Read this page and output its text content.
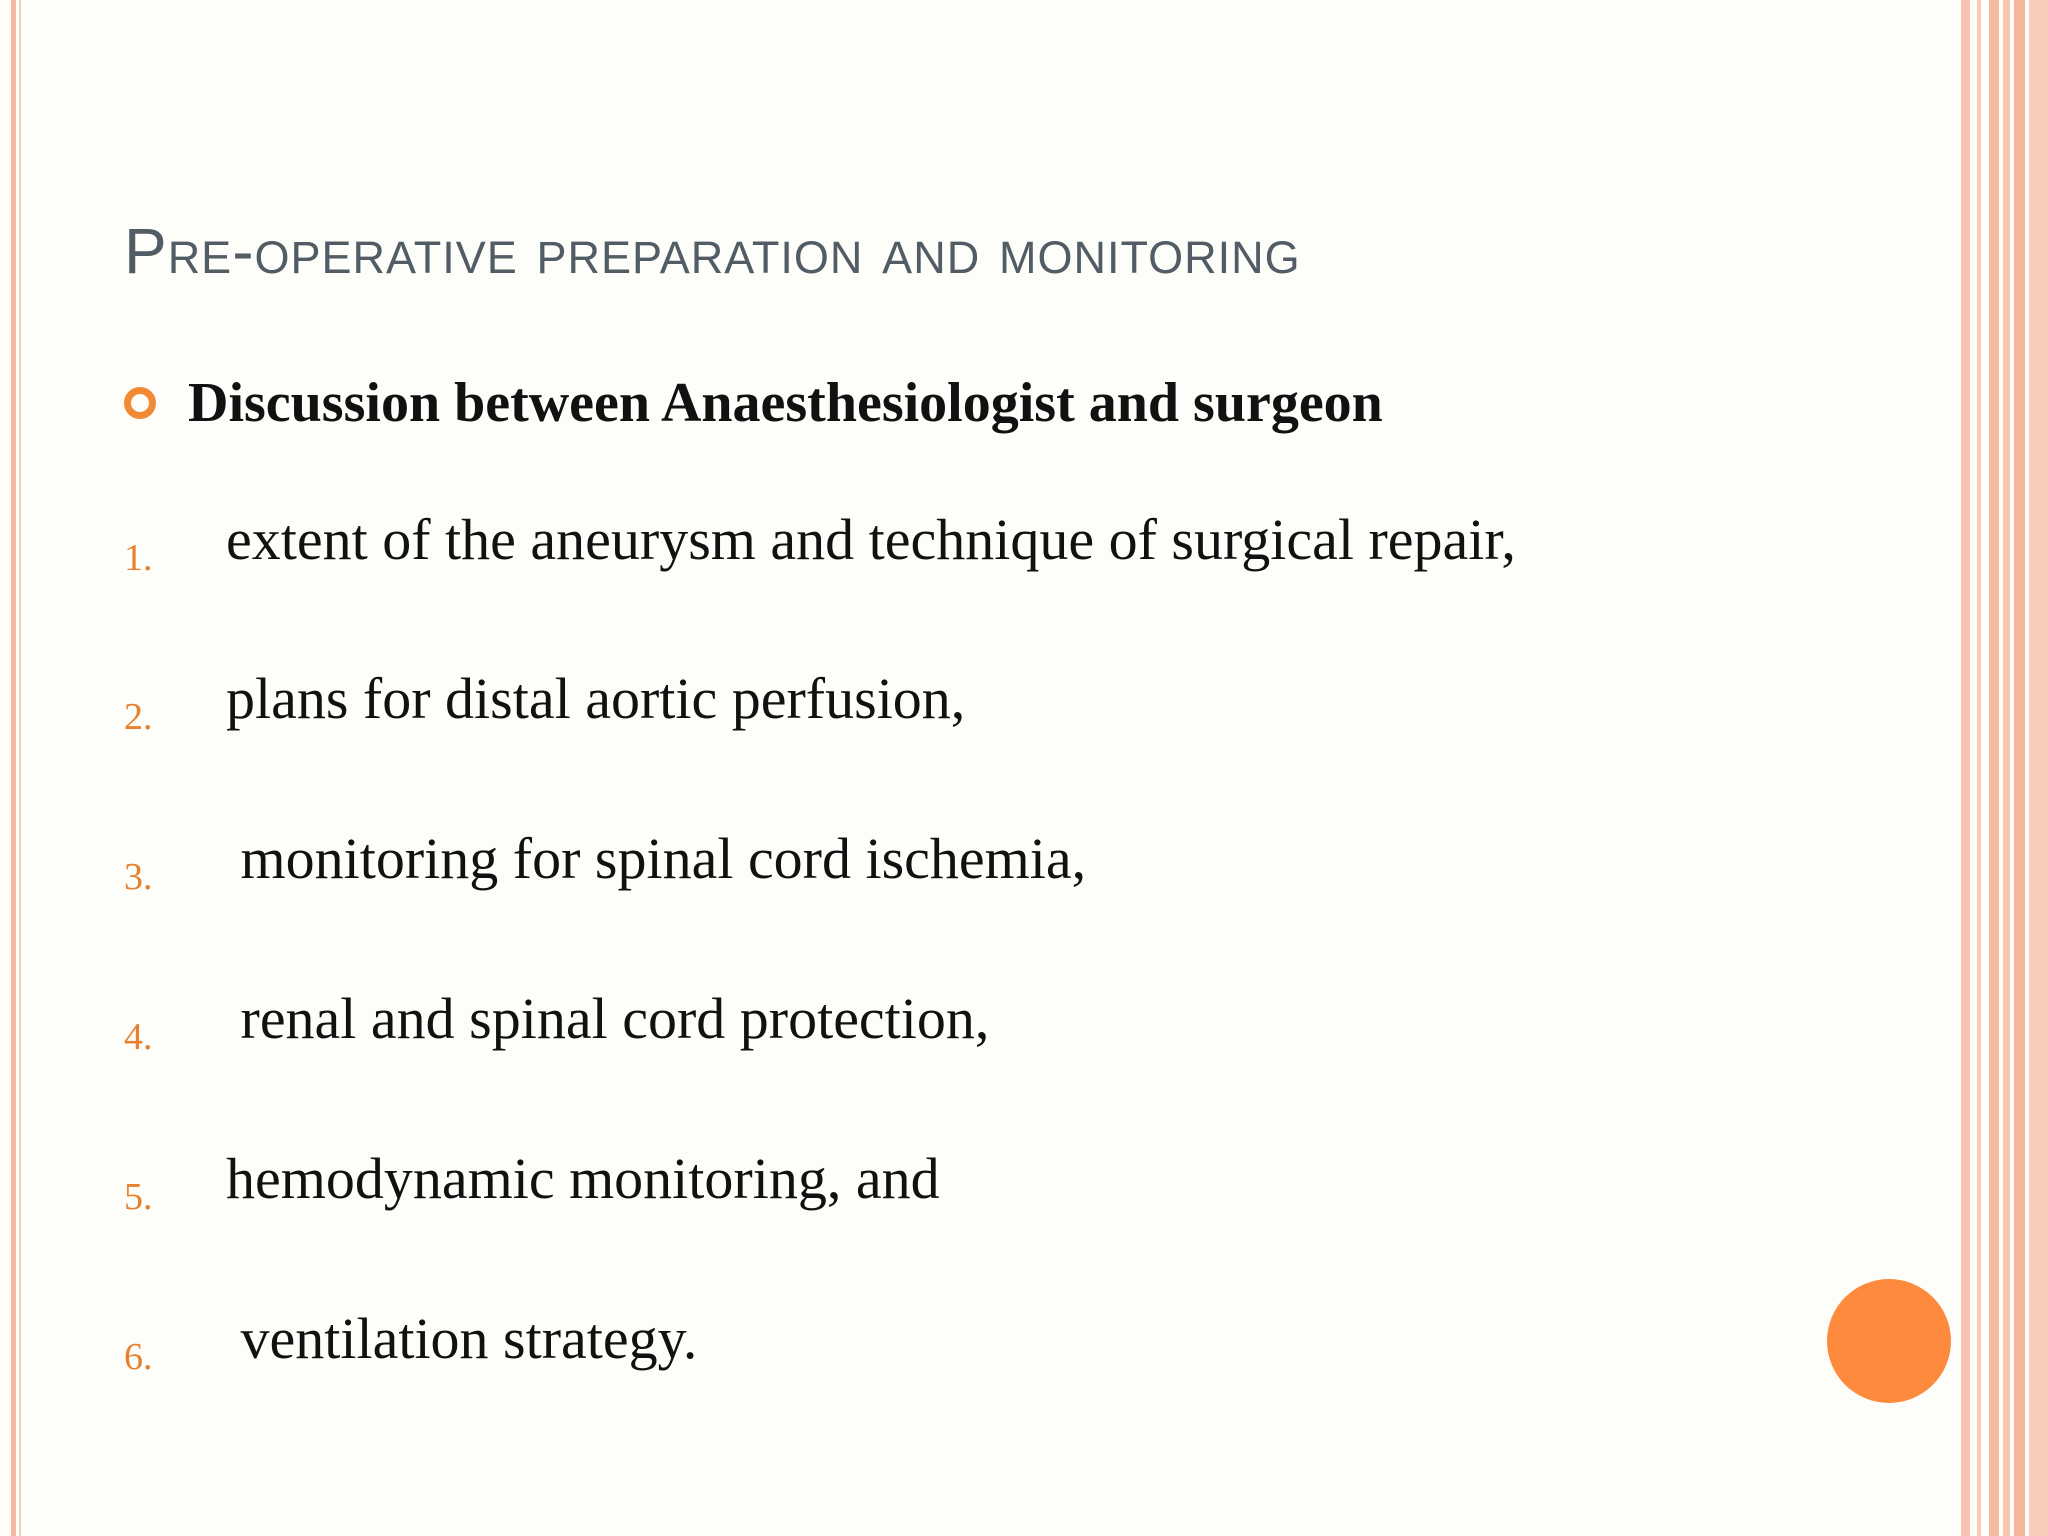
Pre-operative preparation and monitoring
Discussion between Anaesthesiologist and surgeon
1. extent of the aneurysm and technique of surgical repair,
2. plans for distal aortic perfusion,
3. monitoring for spinal cord ischemia,
4. renal and spinal cord protection,
5. hemodynamic monitoring, and
6. ventilation strategy.
